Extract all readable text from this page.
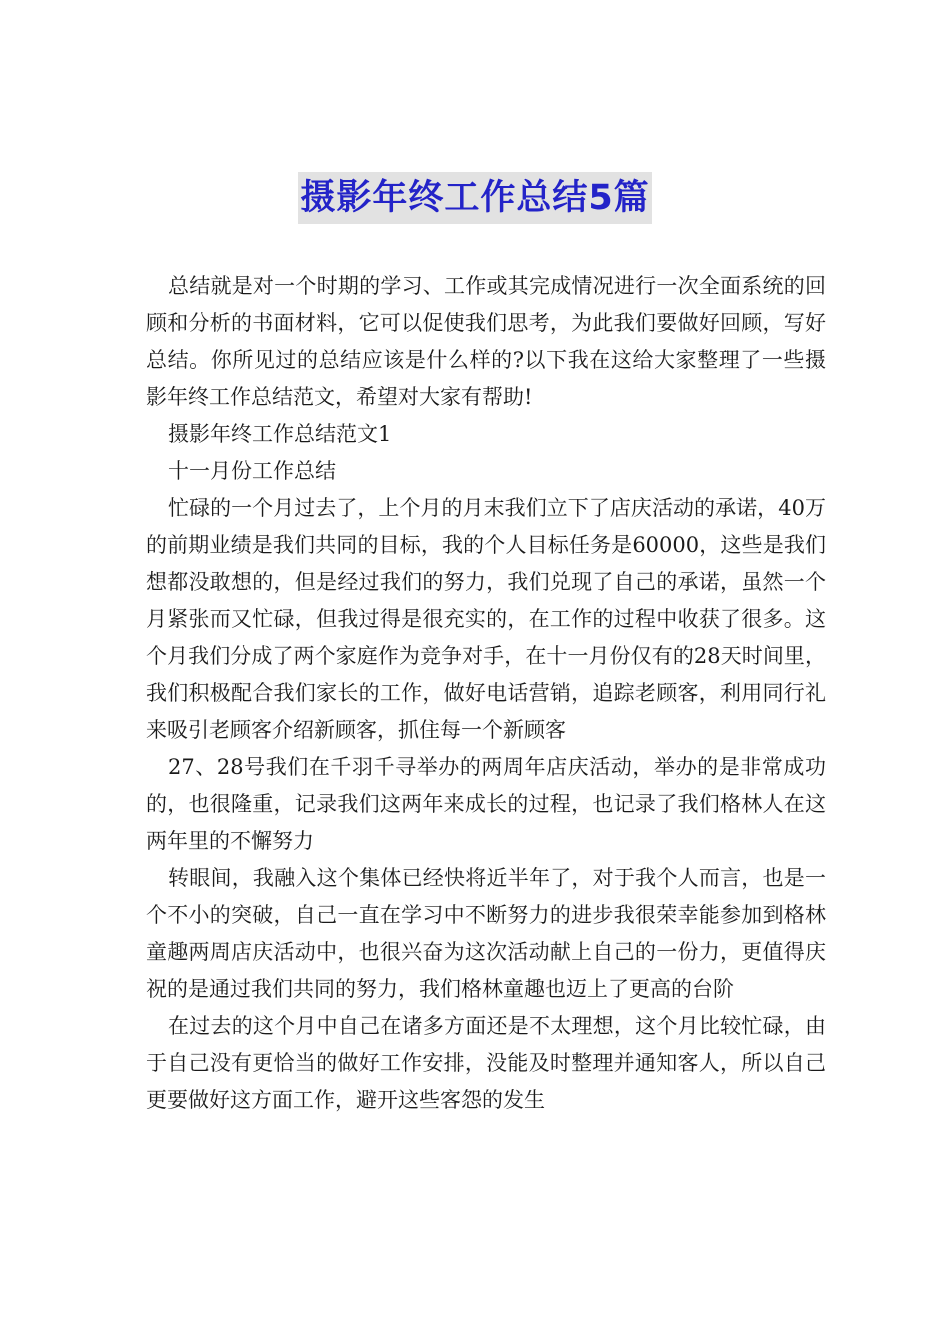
摄影年终工作总结5篇

总结就是对一个时期的学习、工作或其完成情况进行一次全面系统的回顾和分析的书面材料，它可以促使我们思考，为此我们要做好回顾，写好总结。你所见过的总结应该是什么样的?以下我在这给大家整理了一些摄影年终工作总结范文，希望对大家有帮助!

摄影年终工作总结范文1

十一月份工作总结

忙碌的一个月过去了，上个月的月末我们立下了店庆活动的承诺，40万的前期业绩是我们共同的目标，我的个人目标任务是60000，这些是我们想都没敢想的，但是经过我们的努力，我们兑现了自己的承诺，虽然一个月紧张而又忙碌，但我过得是很充实的，在工作的过程中收获了很多。这个月我们分成了两个家庭作为竞争对手，在十一月份仅有的28天时间里，我们积极配合我们家长的工作，做好电话营销，追踪老顾客，利用同行礼来吸引老顾客介绍新顾客，抓住每一个新顾客

27、28号我们在千羽千寻举办的两周年店庆活动，举办的是非常成功的，也很隆重，记录我们这两年来成长的过程，也记录了我们格林人在这两年里的不懈努力

转眼间，我融入这个集体已经快将近半年了，对于我个人而言，也是一个不小的突破，自己一直在学习中不断努力的进步我很荣幸能参加到格林童趣两周店庆活动中，也很兴奋为这次活动献上自己的一份力，更值得庆祝的是通过我们共同的努力，我们格林童趣也迈上了更高的台阶

在过去的这个月中自己在诸多方面还是不太理想，这个月比较忙碌，由于自己没有更恰当的做好工作安排，没能及时整理并通知客人，所以自己更要做好这方面工作，避开这些客怨的发生
